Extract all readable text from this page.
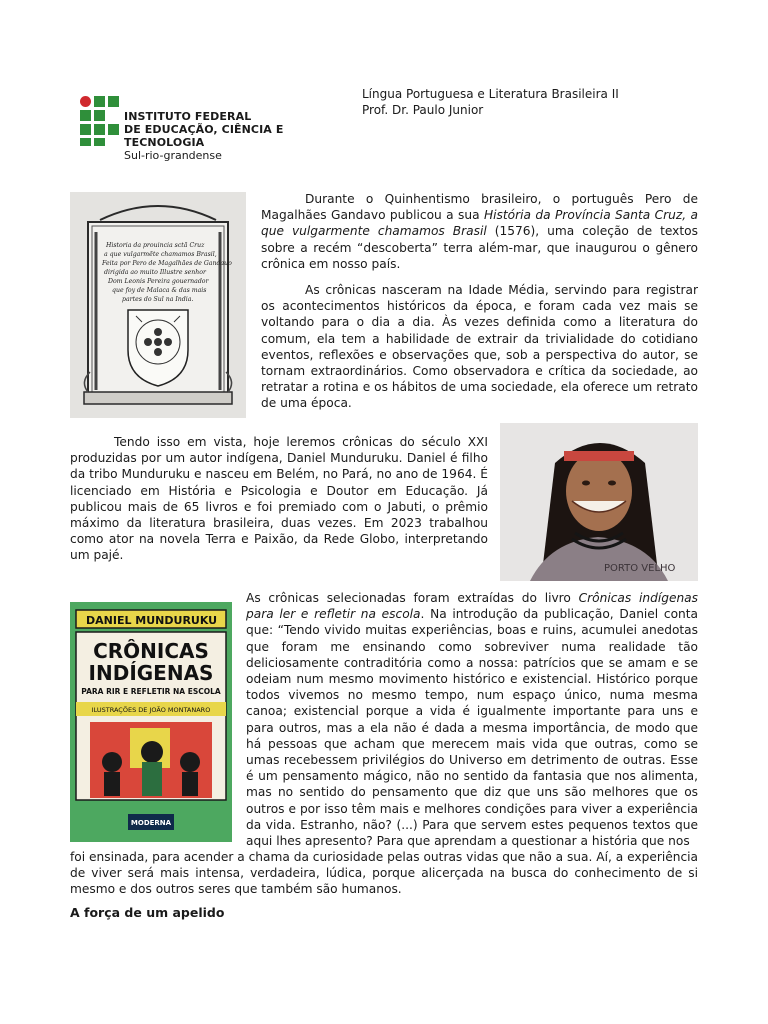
INSTITUTO FEDERAL
DE EDUCAÇÃO, CIÊNCIA E TECNOLOGIA
Sul-rio-grandense
Língua Portuguesa e Literatura Brasileira II
Prof. Dr. Paulo Junior
Historia da prouincia sctã Cruz
a que vulgarmẽte chamamos Brasil,
Feita por Pero de Magalhães de Gandauo
dirigida ao muito Illustre senhor
Dom Leonis Pereira gouernador
que foy de Malaca & das mais
partes do Sul na India.

Durante o Quinhentismo brasileiro, o português Pero de Magalhães Gandavo publicou a sua História da Província Santa Cruz, a que vulgarmente chamamos Brasil (1576), uma coleção de textos sobre a recém “descoberta” terra além-mar, que inaugurou o gênero crônica em nosso país.

As crônicas nasceram na Idade Média, servindo para registrar os acontecimentos históricos da época, e foram cada vez mais se voltando para o dia a dia. Às vezes definida como a literatura do comum, ela tem a habilidade de extrair da trivialidade do cotidiano eventos, reflexões e observações que, sob a perspectiva do autor, se tornam extraordinários. Como observadora e crítica da sociedade, ao retratar a rotina e os hábitos de uma sociedade, ela oferece um retrato de uma época.

Tendo isso em vista, hoje leremos crônicas do século XXI produzidas por um autor indígena, Daniel Munduruku. Daniel é filho da tribo Munduruku e nasceu em Belém, no Pará, no ano de 1964. É licenciado em História e Psicologia e Doutor em Educação. Já publicou mais de 65 livros e foi premiado com o Jabuti, o prêmio máximo da literatura brasileira, duas vezes. Em 2023 trabalhou como ator na novela Terra e Paixão, da Rede Globo, interpretando um pajé.

PORTO VELHO
DANIEL MUNDURUKU
CRÔNICAS
INDÍGENAS
PARA RIR E REFLETIR NA ESCOLA
ILUSTRAÇÕES DE JOÃO MONTANARO
MODERNA

As crônicas selecionadas foram extraídas do livro Crônicas indígenas para ler e refletir na escola. Na introdução da publicação, Daniel conta que: “Tendo vivido muitas experiências, boas e ruins, acumulei anedotas que foram me ensinando como sobreviver numa realidade tão deliciosamente contraditória como a nossa: patrícios que se amam e se odeiam num mesmo movimento histórico e existencial. Histórico porque todos vivemos no mesmo tempo, num espaço único, numa mesma canoa; existencial porque a vida é igualmente importante para uns e para outros, mas a ela não é dada a mesma importância, de modo que há pessoas que acham que merecem mais vida que outras, como se umas recebessem privilégios do Universo em detrimento de outras. Esse é um pensamento mágico, não no sentido da fantasia que nos alimenta, mas no sentido do pensamento que diz que uns são melhores que os outros e por isso têm mais e melhores condições para viver a experiência da vida. Estranho, não? (...) Para que servem estes pequenos textos que aqui lhes apresento? Para que aprendam a questionar a história que nos

foi ensinada, para acender a chama da curiosidade pelas outras vidas que não a sua. Aí, a experiência de viver será mais intensa, verdadeira, lúdica, porque alicerçada na busca do conhecimento de si mesmo e dos outros seres que também são humanos.

A força de um apelido
